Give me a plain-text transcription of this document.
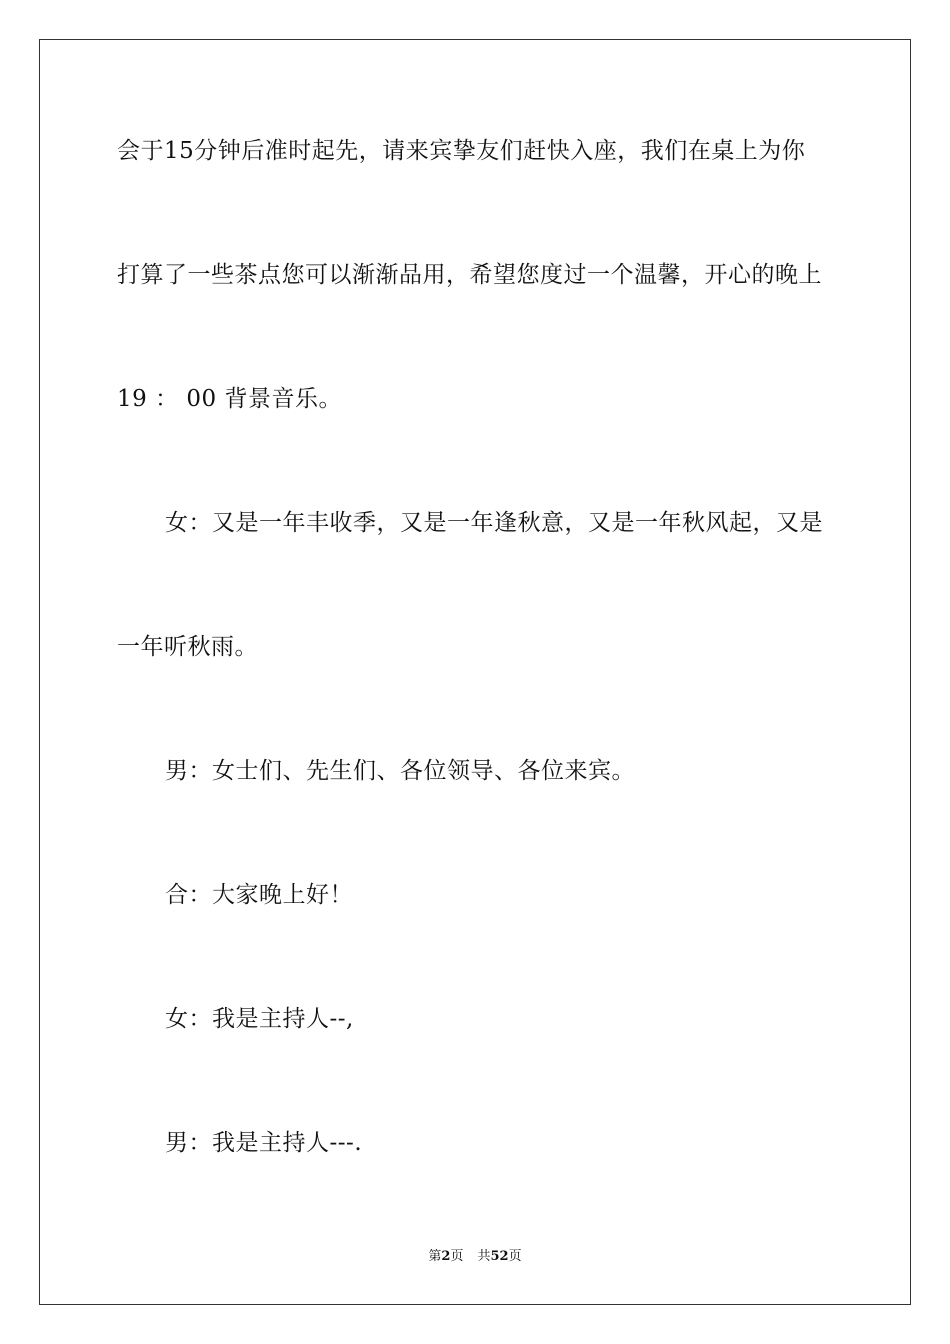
会于15分钟后准时起先，请来宾挚友们赶快入座，我们在桌上为你
打算了一些茶点您可以渐渐品用，希望您度过一个温馨，开心的晚上
19 ： 00 背景音乐。
女：又是一年丰收季，又是一年逢秋意，又是一年秋风起，又是
一年听秋雨。
男：女士们、先生们、各位领导、各位来宾。
合：大家晚上好！
女：我是主持人--,
男：我是主持人---.
第2页 共52页
